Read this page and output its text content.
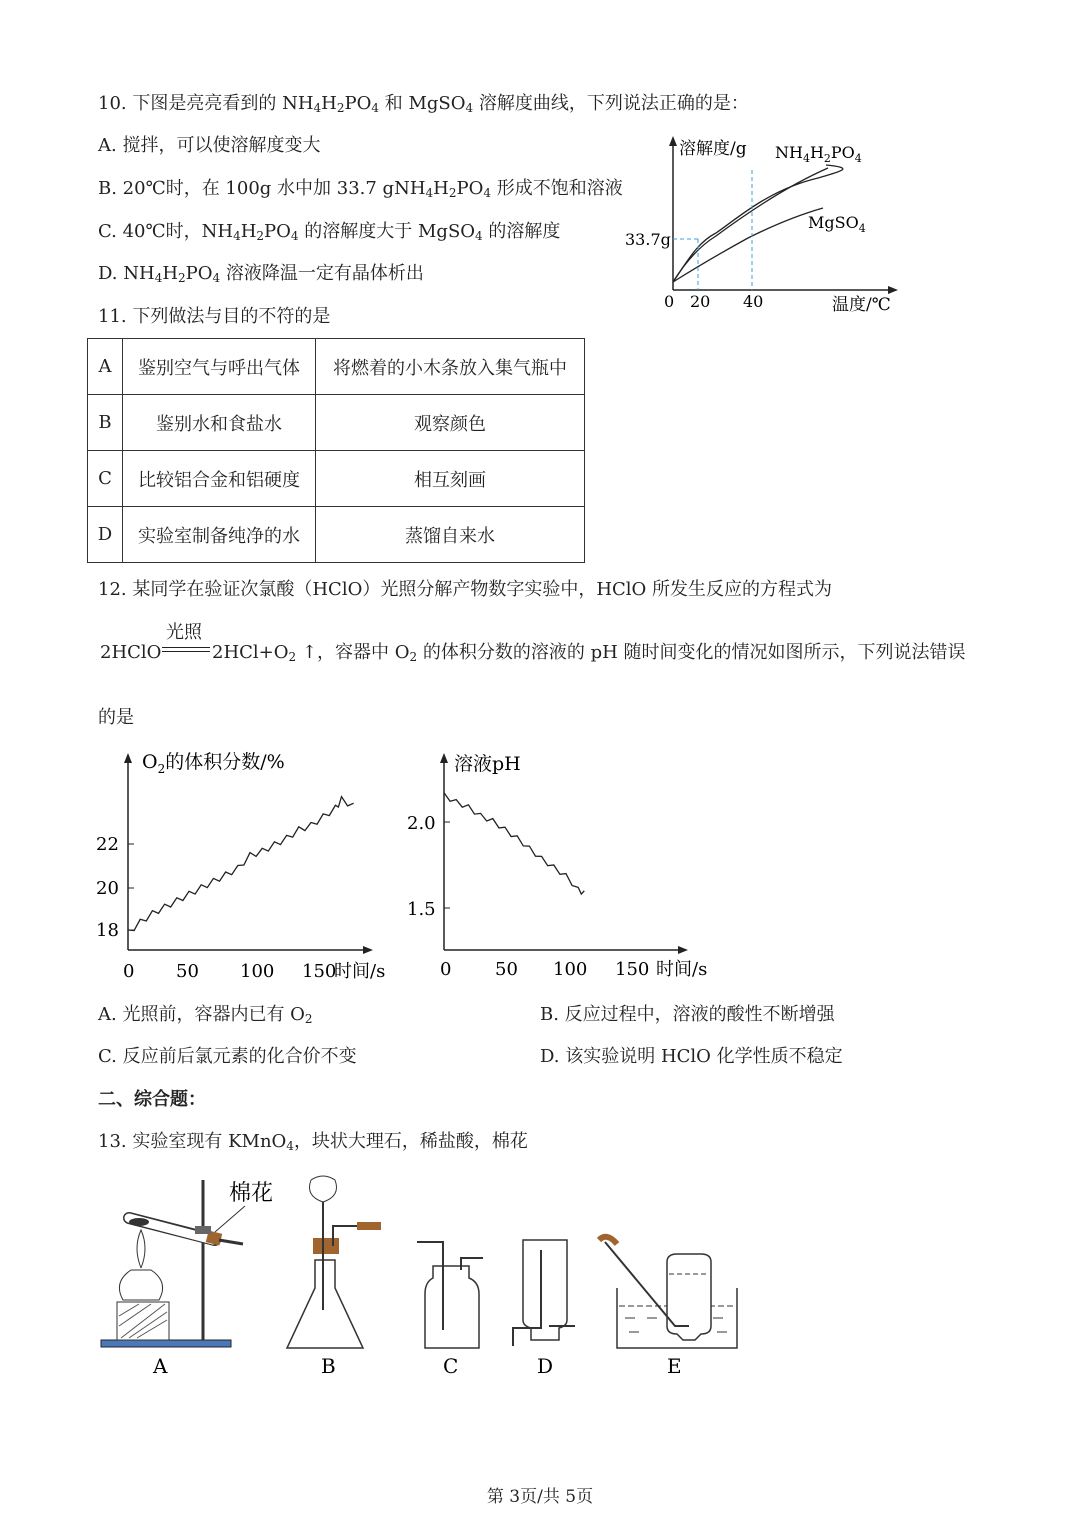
10. 下图是亮亮看到的 $NH_4H_2PO_4$ 和 MgSO$_4$ 溶解度曲线，下列说法正确的是：
A. 搅拌，可以使溶解度变大
B. 20℃时，在 100g 水中加 33.7 $gNH_4H_2PO_4$ 形成不饱和溶液
C. 40℃时，$NH_4H_2PO_4$ 的溶解度大于 MgSO$_4$ 的溶解度
D. $NH_4H_2PO_4$ 溶液降温一定有晶体析出
溶解度/g $NH_4H_2PO_4$
MgSO$_4$
33.7g
0 20 40	温度/℃
11. 下列做法与目的不符的是
A	鉴别空气与呼出气体	将燃着的小木条放入集气瓶中
B	鉴别水和食盐水	观察颜色
C	比较铝合金和铝硬度	相互刻画
D	实验室制备纯净的水	蒸馏自来水
12. 某同学在验证次氯酸（HClO）光照分解产物数字实验中，HClO 所发生反应的方程式为
2HClO
光照
$2HCl+O_2$ ↑，容器中 $O_2$ 的体积分数的溶液的 pH 随时间变化的情况如图所示，下列说法错误
的是
$O_2$的体积分数/%
18
20
22
0 50 100 150
时间/s
溶液pH
1.5
2.0
0 50 100 150 时间/s
A. 光照前，容器内已有 $O_2$	B. 反应过程中，溶液的酸性不断增强
C. 反应前后氯元素的化合价不变	D. 该实验说明 HClO 化学性质不稳定
二、综合题：
13. 实验室现有 KMnO$_4$，块状大理石，稀盐酸，棉花
棉花
A	B	C	D	E
第 3页/共 5页
